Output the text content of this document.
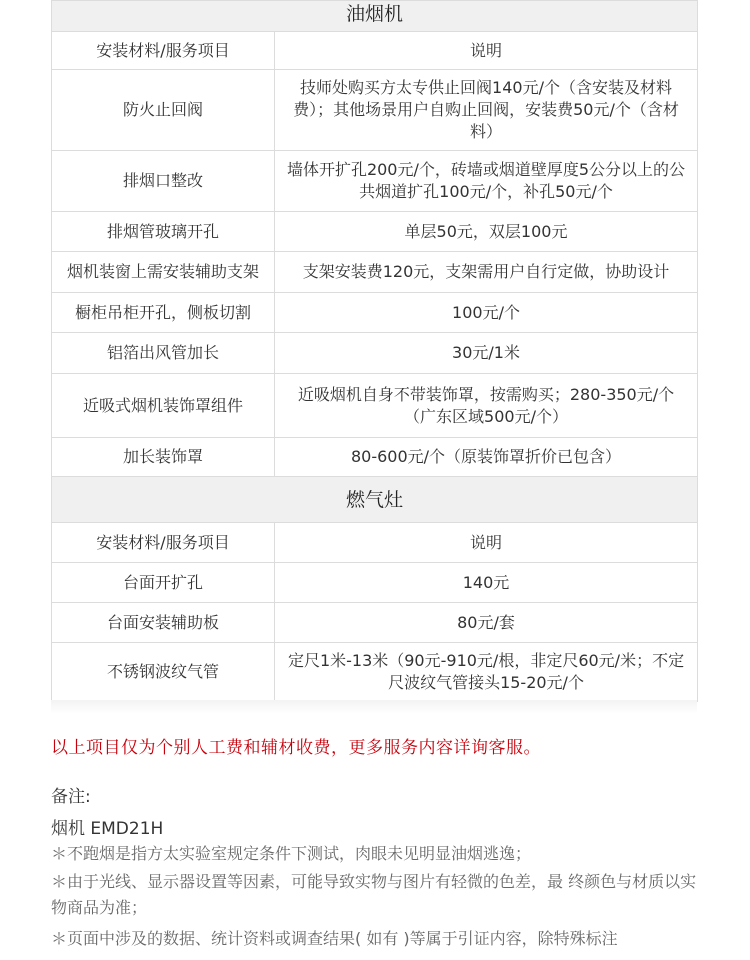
油烟机	
安装材料/服务项目	说明
防火止回阀	技师处购买方太专供止回阀140元/个（含安装及材料费）；其他场景用户自购止回阀，安装费50元/个（含材料）
排烟口整改	墙体开扩孔200元/个，砖墙或烟道壁厚度5公分以上的公共烟道扩孔100元/个，补孔50元/个
排烟管玻璃开孔	单层50元，双层100元
烟机装窗上需安装辅助支架	支架安装费120元，支架需用户自行定做，协助设计
橱柜吊柜开孔，侧板切割	100元/个
铝箔出风管加长	30元/1米
近吸式烟机装饰罩组件	近吸烟机自身不带装饰罩，按需购买；280-350元/个（广东区域500元/个）
加长装饰罩	80-600元/个（原装饰罩折价已包含）
燃气灶	
安装材料/服务项目	说明
台面开扩孔	140元
台面安装辅助板	80元/套
不锈钢波纹气管	定尺1米-13米（90元-910元/根，非定尺60元/米；不定尺波纹气管接头15-20元/个
以上项目仅为个别人工费和辅材收费，更多服务内容详询客服。
备注:
烟机 EMD21H
＊不跑烟是指方太实验室规定条件下测试，肉眼未见明显油烟逃逸；
＊由于光线、显示器设置等因素，可能导致实物与图片有轻微的色差，最 终颜色与材质以实物商品为准；
＊页面中涉及的数据、统计资料或调查结果( 如有 )等属于引证内容，除特殊标注
